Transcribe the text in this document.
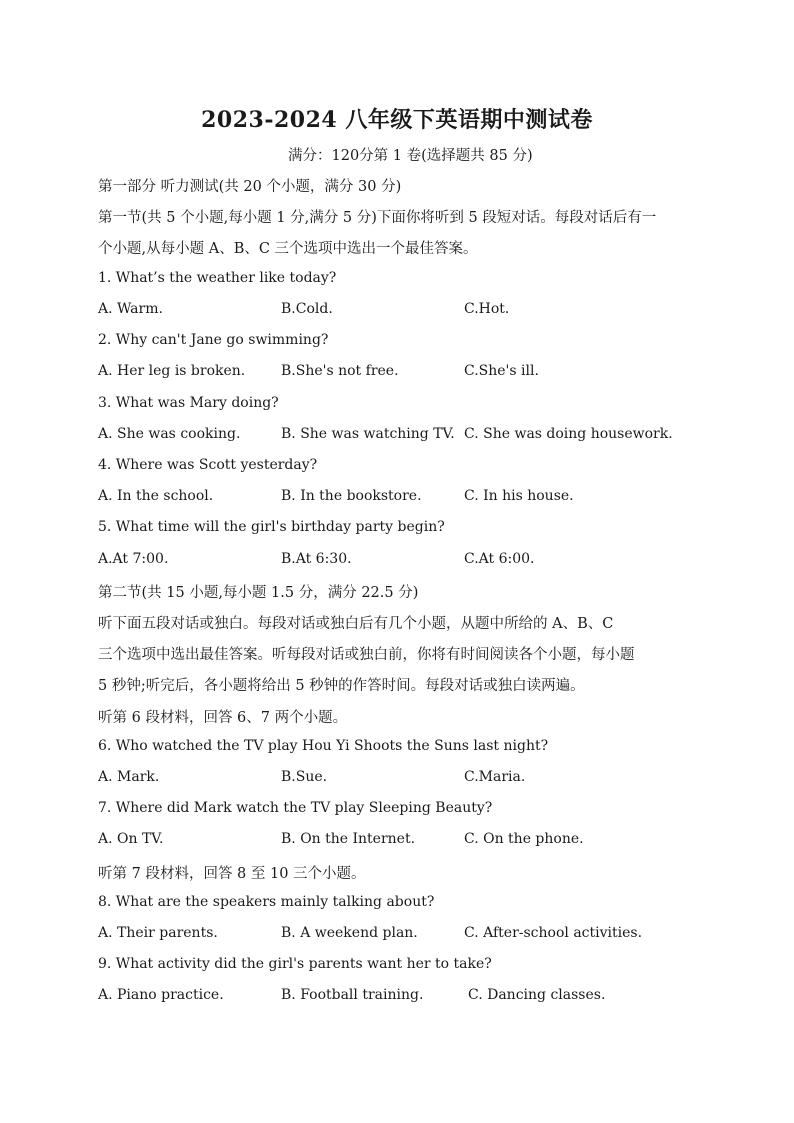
2023-2024 八年级下英语期中测试卷
满分：120分第 1 卷(选择题共 85 分)
第一部分 听力测试(共 20 个小题，满分 30 分)
第一节(共 5 个小题,每小题 1 分,满分 5 分)下面你将听到 5 段短对话。每段对话后有一
个小题,从每小题 A、B、C 三个选项中选出一个最佳答案。
1. What’s the weather like today?
A. Warm.	B.Cold.	C.Hot.
2. Why can't Jane go swimming?
A. Her leg is broken.	B.She's not free.	C.She's ill.
3. What was Mary doing?
A. She was cooking.	B. She was watching TV. C. She was doing housework.
4. Where was Scott yesterday?
A. In the school.	B. In the bookstore.	C. In his house.
5. What time will the girl's birthday party begin?
A.At 7:00.	B.At 6:30.	C.At 6:00.
第二节(共 15 小题,每小题 1.5 分，满分 22.5 分)
听下面五段对话或独白。每段对话或独白后有几个小题，从题中所给的 A、B、C
三个选项中选出最佳答案。听每段对话或独白前，你将有时间阅读各个小题，每小题
5 秒钟;听完后，各小题将给出 5 秒钟的作答时间。每段对话或独白读两遍。
听第 6 段材料，回答 6、7 两个小题。
6. Who watched the TV play Hou Yi Shoots the Suns last night?
A. Mark.	B.Sue.	C.Maria.
7. Where did Mark watch the TV play Sleeping Beauty?
A. On TV.	B. On the Internet.	C. On the phone.
听第 7 段材料，回答 8 至 10 三个小题。
8. What are the speakers mainly talking about?
A. Their parents.	B. A weekend plan.	C. After-school activities.
9. What activity did the girl's parents want her to take?
A. Piano practice.	B. Football training.	C. Dancing classes.
